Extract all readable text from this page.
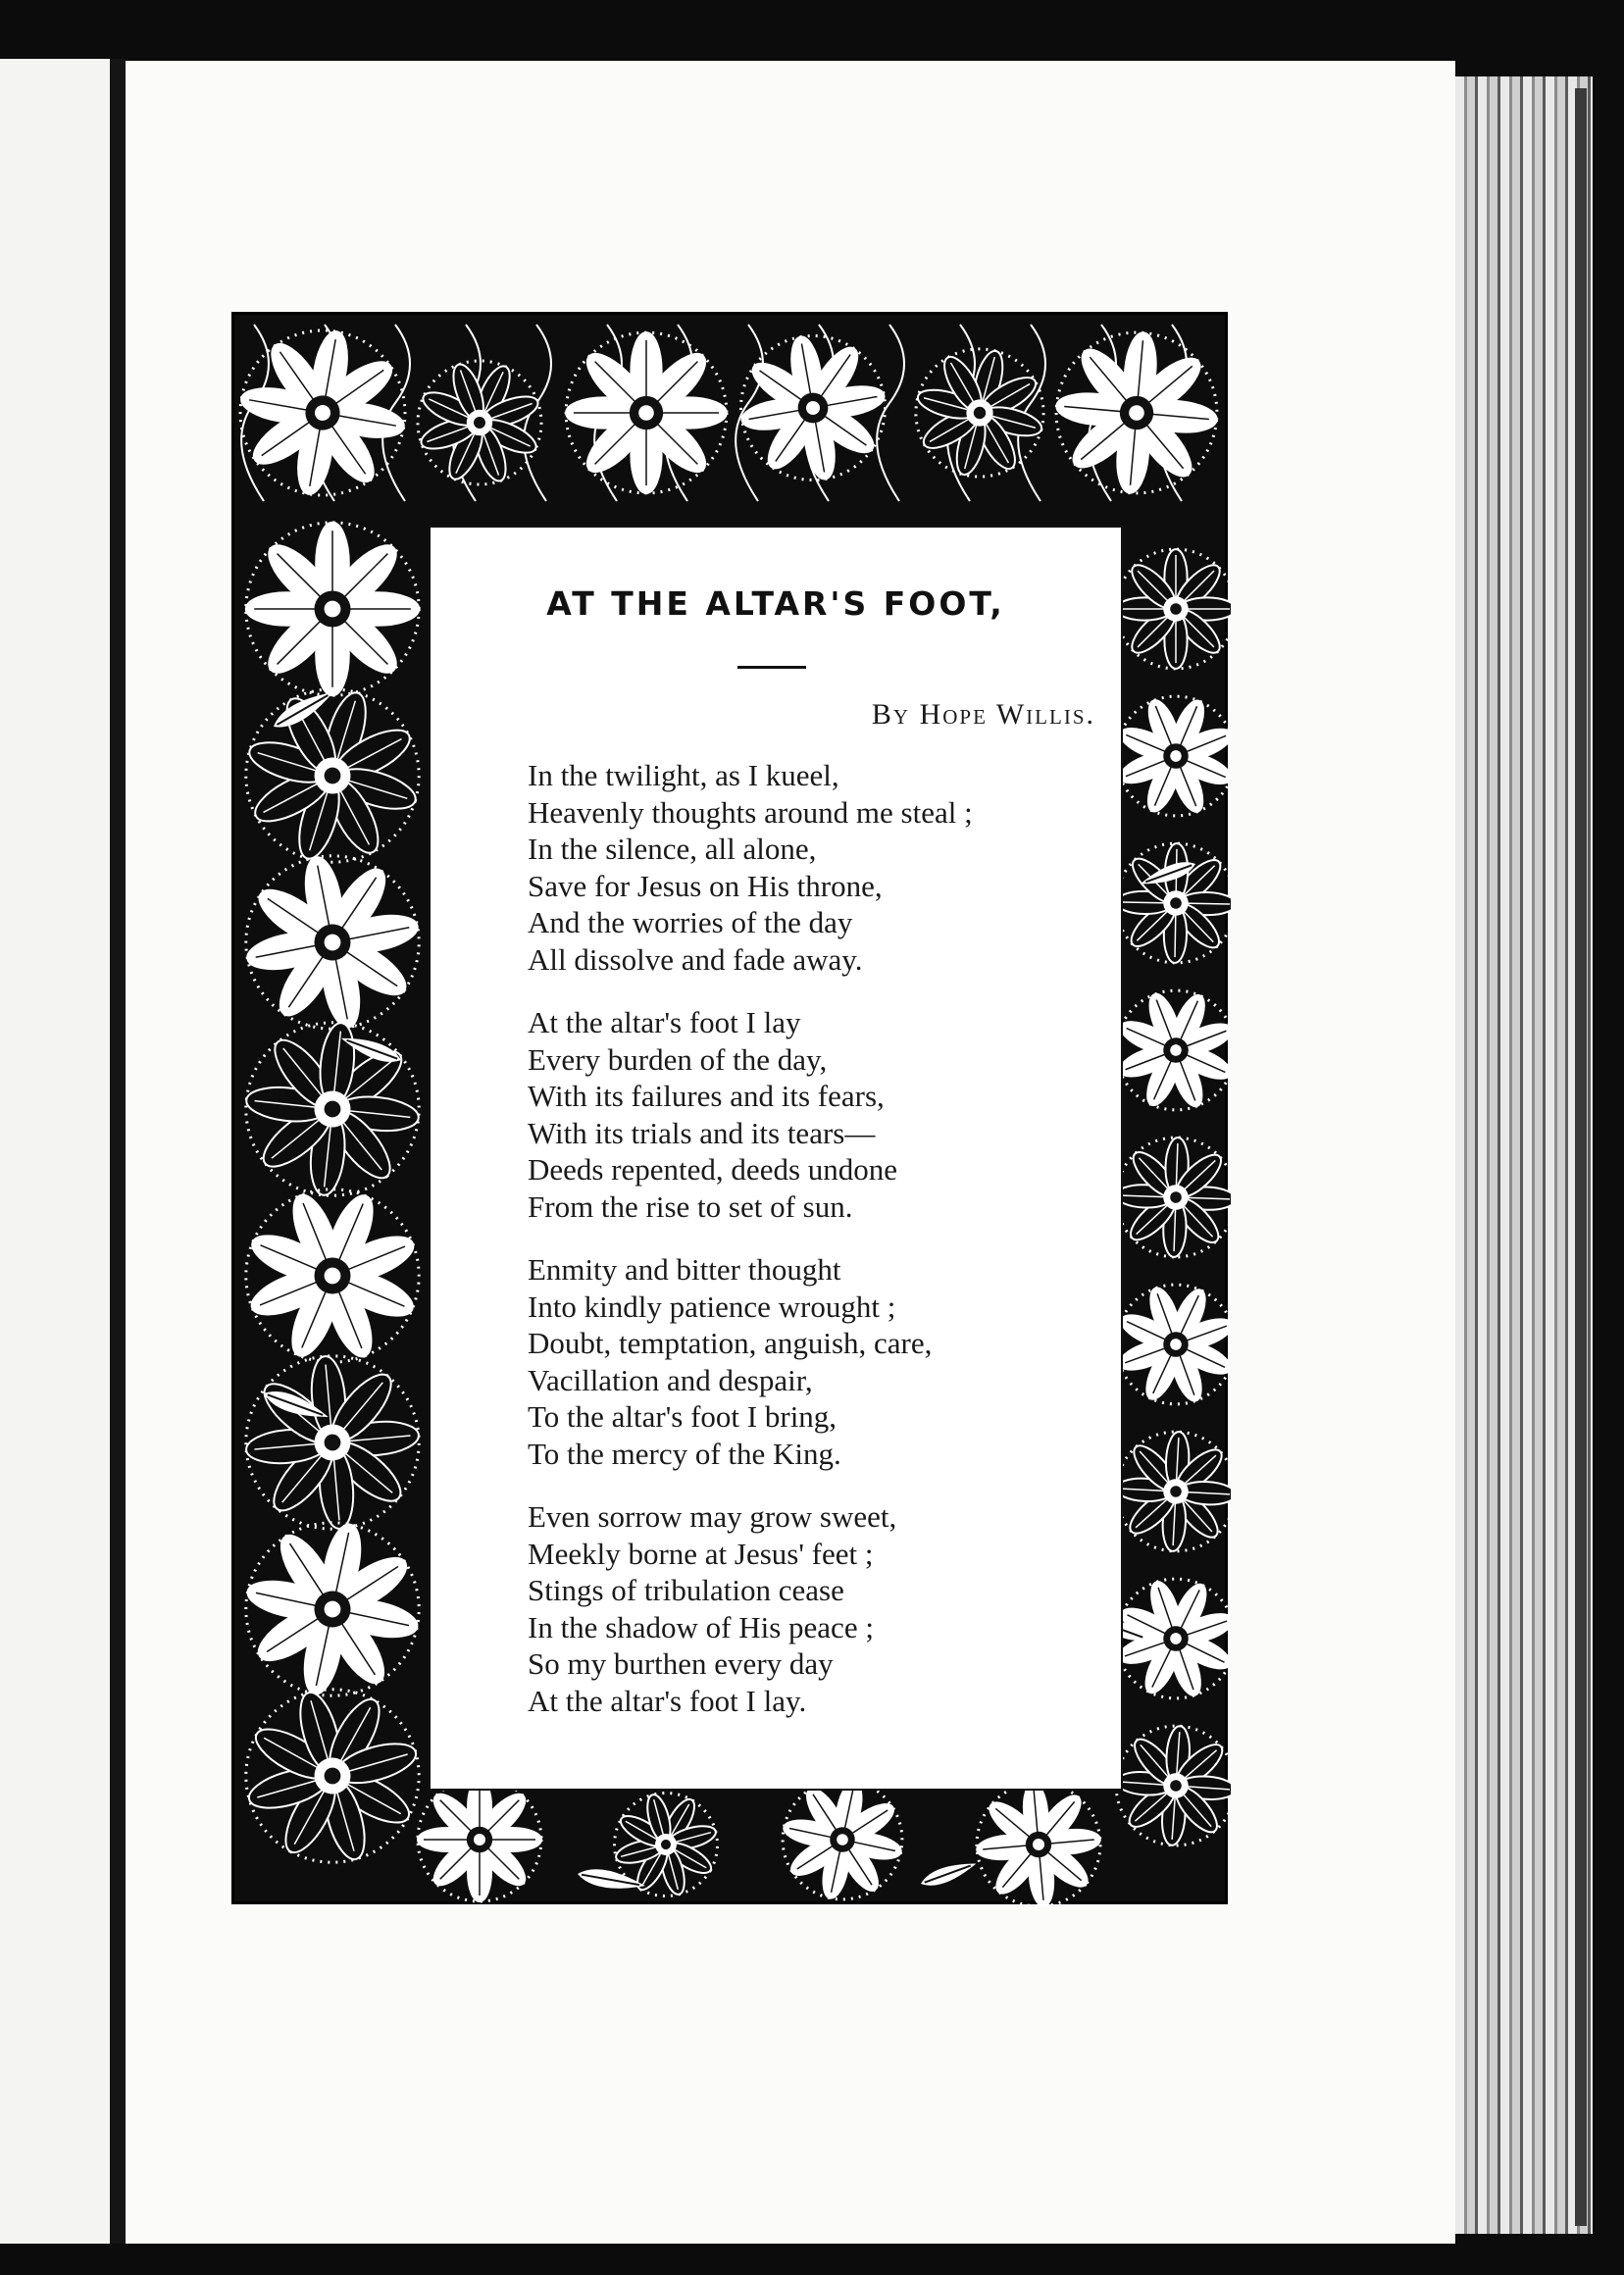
AT THE ALTAR'S FOOT,
By Hope Willis.
In the twilight, as I kueel,
Heavenly thoughts around me steal ;
In the silence, all alone,
Save for Jesus on His throne,
And the worries of the day
All dissolve and fade away.
At the altar's foot I lay
Every burden of the day,
With its failures and its fears,
With its trials and its tears—
Deeds repented, deeds undone
From the rise to set of sun.
Enmity and bitter thought
Into kindly patience wrought ;
Doubt, temptation, anguish, care,
Vacillation and despair,
To the altar's foot I bring,
To the mercy of the King.
Even sorrow may grow sweet,
Meekly borne at Jesus' feet ;
Stings of tribulation cease
In the shadow of His peace ;
So my burthen every day
At the altar's foot I lay.
